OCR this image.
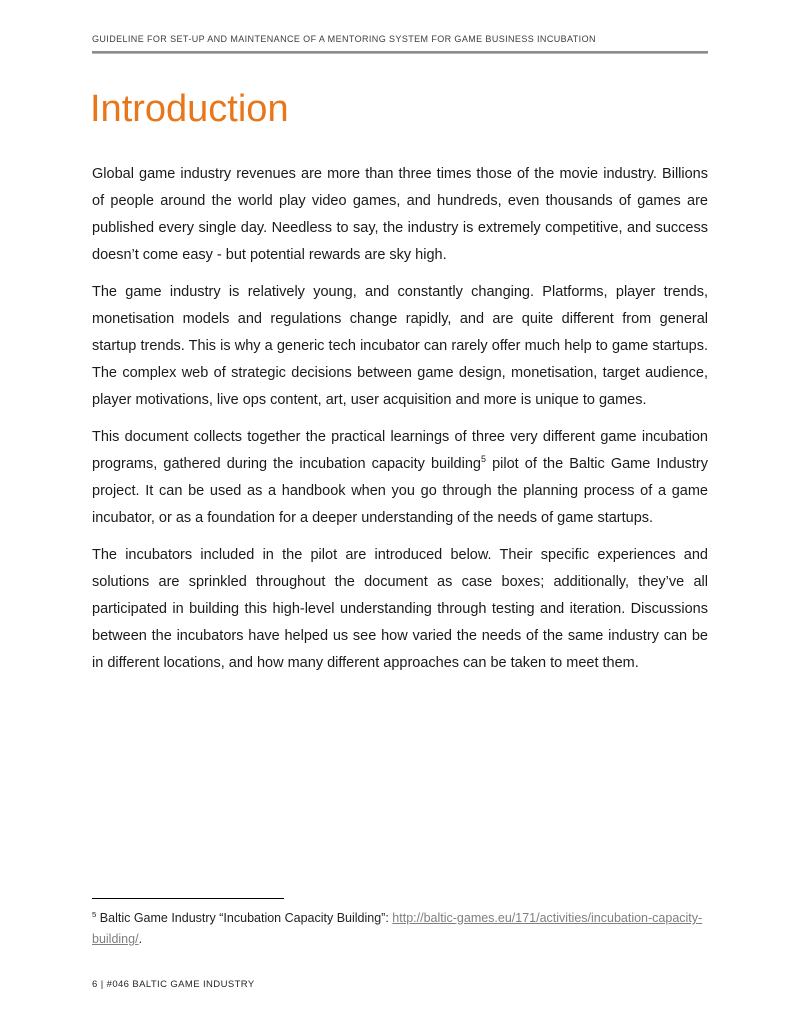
GUIDELINE FOR SET-UP AND MAINTENANCE OF A MENTORING SYSTEM FOR GAME BUSINESS INCUBATION
Introduction

Global game industry revenues are more than three times those of the movie industry. Billions of people around the world play video games, and hundreds, even thousands of games are published every single day. Needless to say, the industry is extremely competitive, and success doesn’t come easy - but potential rewards are sky high.

The game industry is relatively young, and constantly changing. Platforms, player trends, monetisation models and regulations change rapidly, and are quite different from general startup trends. This is why a generic tech incubator can rarely offer much help to game startups. The complex web of strategic decisions between game design, monetisation, target audience, player motivations, live ops content, art, user acquisition and more is unique to games.

This document collects together the practical learnings of three very different game incubation programs, gathered during the incubation capacity building$^5$ pilot of the Baltic Game Industry project. It can be used as a handbook when you go through the planning process of a game incubator, or as a foundation for a deeper understanding of the needs of game startups.

The incubators included in the pilot are introduced below. Their specific experiences and solutions are sprinkled throughout the document as case boxes; additionally, they’ve all participated in building this high-level understanding through testing and iteration. Discussions between the incubators have helped us see how varied the needs of the same industry can be in different locations, and how many different approaches can be taken to meet them.

$^5$ Baltic Game Industry “Incubation Capacity Building”: http://baltic-games.eu/171/activities/incubation-capacity-building/.
6 | #046 BALTIC GAME INDUSTRY
